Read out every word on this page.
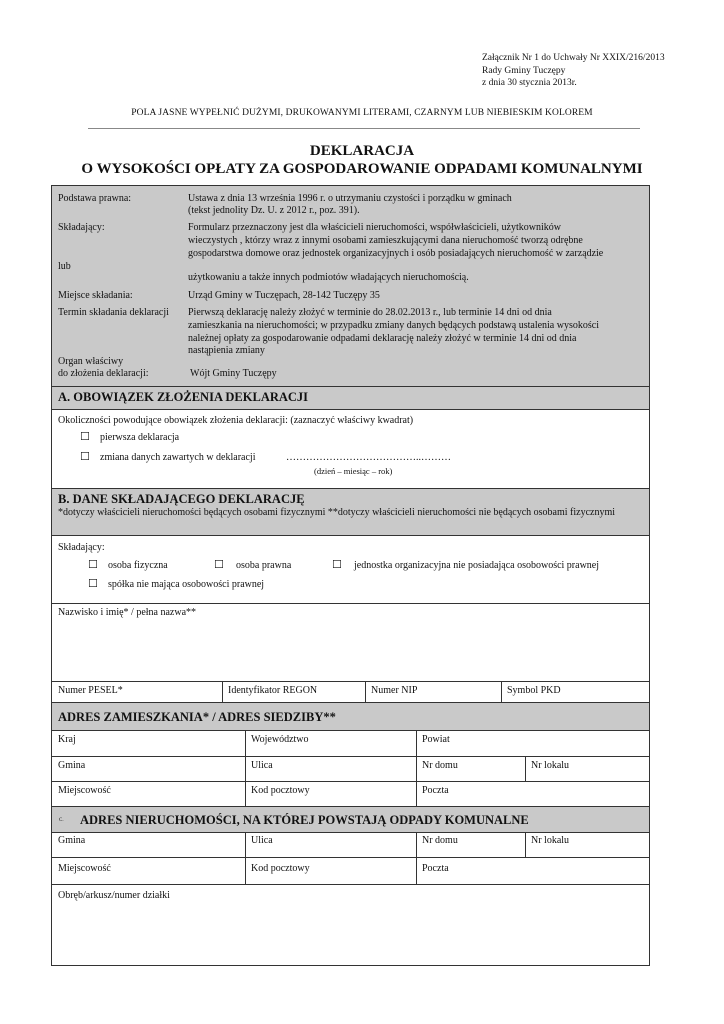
Załącznik Nr 1 do Uchwały Nr XXIX/216/2013
Rady Gminy Tuczępy
z dnia 30 stycznia 2013r.
POLA JASNE WYPEŁNIĆ DUŻYMI, DRUKOWANYMI LITERAMI, CZARNYM LUB NIEBIESKIM KOLOREM
DEKLARACJA
O WYSOKOŚCI OPŁATY ZA GOSPODAROWANIE ODPADAMI KOMUNALNYMI
Podstawa prawna:	Ustawa z dnia 13 września 1996 r. o utrzymaniu czystości i porządku w gminach
(tekst jednolity Dz. U. z 2012 r., poz. 391).
Składający:	Formularz przeznaczony jest dla właścicieli nieruchomości, współwłaścicieli, użytkowników
wieczystych , którzy wraz z innymi osobami zamieszkującymi dana nieruchomość tworzą odrębne
gospodarstwa domowe oraz jednostek organizacyjnych i osób posiadających nieruchomość w zarządzie
lub
użytkowaniu a także innych podmiotów władających nieruchomością.
Miejsce składania:	Urząd Gminy w Tuczępach, 28-142 Tuczępy 35
Termin składania deklaracji Pierwszą deklarację należy złożyć w terminie do 28.02.2013 r., lub terminie 14 dni od dnia
zamieszkania na nieruchomości; w przypadku zmiany danych będących podstawą ustalenia wysokości
należnej opłaty za gospodarowanie odpadami deklarację należy złożyć w terminie 14 dni od dnia
nastąpienia zmiany
Organ właściwy
do złożenia deklaracji:	Wójt Gminy Tuczępy
A. OBOWIĄZEK ZŁOŻENIA DEKLARACJI
Okoliczności powodujące obowiązek złożenia deklaracji: (zaznaczyć właściwy kwadrat)
☐ pierwsza deklaracja
☐ zmiana danych zawartych w deklaracji	…………………………………..………
(dzień – miesiąc – rok)
B. DANE SKŁADAJĄCEGO DEKLARACJĘ
*dotyczy właścicieli nieruchomości będących osobami fizycznymi **dotyczy właścicieli nieruchomości nie będących osobami fizycznymi
Składający:
☐ osoba fizyczna	☐ osoba prawna	☐ jednostka organizacyjna nie posiadająca osobowości prawnej
☐ spółka nie mająca osobowości prawnej
Nazwisko i imię* / pełna nazwa**
Numer PESEL*	Identyfikator REGON	Numer NIP	Symbol PKD
ADRES ZAMIESZKANIA* / ADRES SIEDZIBY**
Kraj	Województwo	Powiat
Gmina	Ulica	Nr domu	Nr lokalu
Miejscowość	Kod pocztowy	Poczta
C. ADRES NIERUCHOMOŚCI, NA KTÓREJ POWSTAJĄ ODPADY KOMUNALNE
Gmina	Ulica	Nr domu	Nr lokalu
Miejscowość	Kod pocztowy	Poczta
Obręb/arkusz/numer działki
